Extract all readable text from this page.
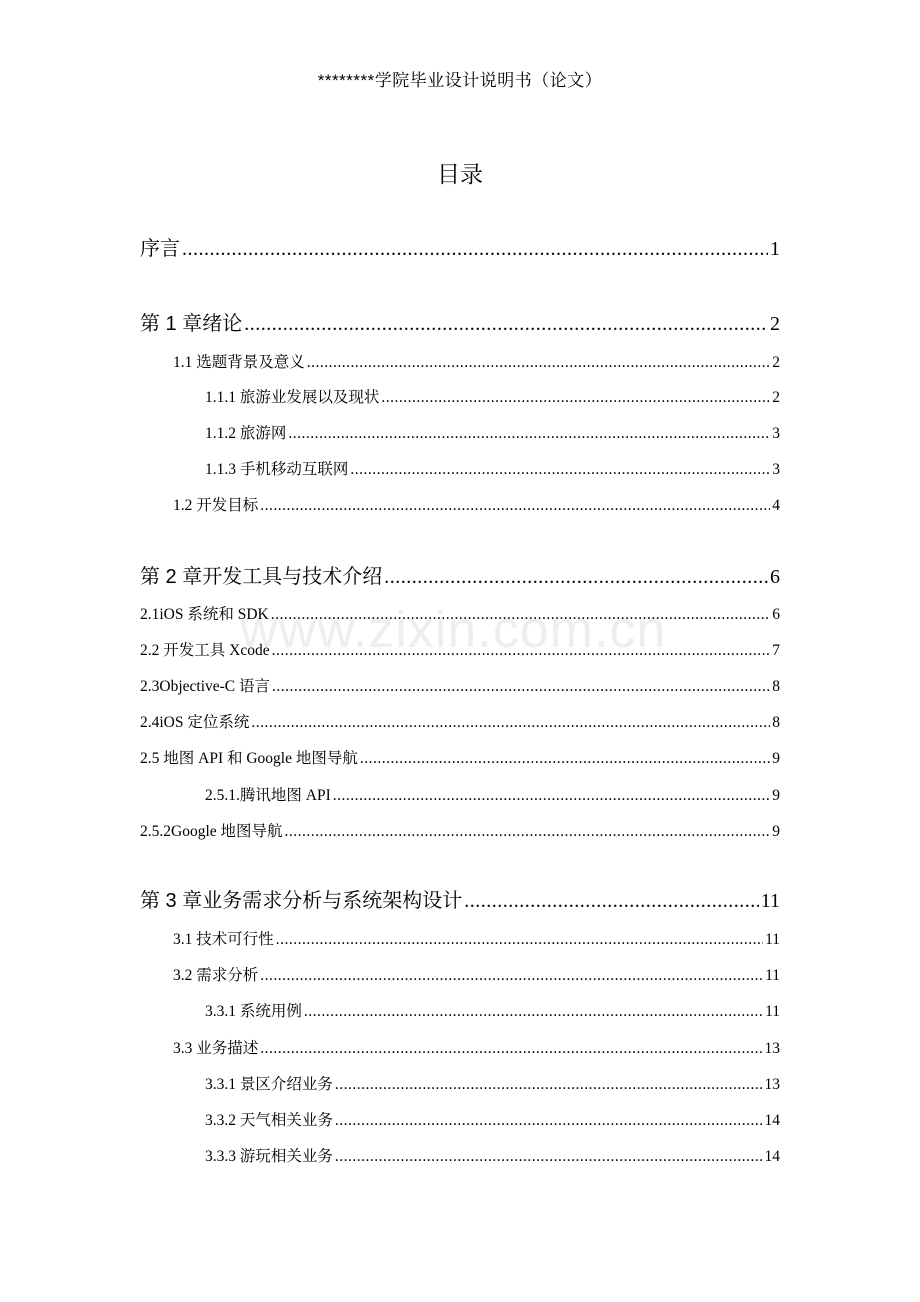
********学院毕业设计说明书（论文）
目录
www.zixin.com.cn
序言 .....	1
第 1 章绪论 .....	2
1.1 选题背景及意义 .....	2
1.1.1 旅游业发展以及现状 .....	2
1.1.2 旅游网 .....	3
1.1.3 手机移动互联网 .....	3
1.2 开发目标 .....	4
第 2 章开发工具与技术介绍 .....	6
2.1iOS 系统和 SDK .....	6
2.2 开发工具 Xcode .....	7
2.3Objective-C 语言 .....	8
2.4iOS 定位系统 .....	8
2.5 地图 API 和 Google 地图导航 .....	9
2.5.1.腾讯地图 API .....	9
2.5.2Google 地图导航 .....	9
第 3 章业务需求分析与系统架构设计 .....	11
3.1 技术可行性 .....	11
3.2 需求分析 .....	11
3.3.1 系统用例 .....	11
3.3 业务描述 .....	13
3.3.1 景区介绍业务 .....	13
3.3.2 天气相关业务 .....	14
3.3.3 游玩相关业务 .....	14
